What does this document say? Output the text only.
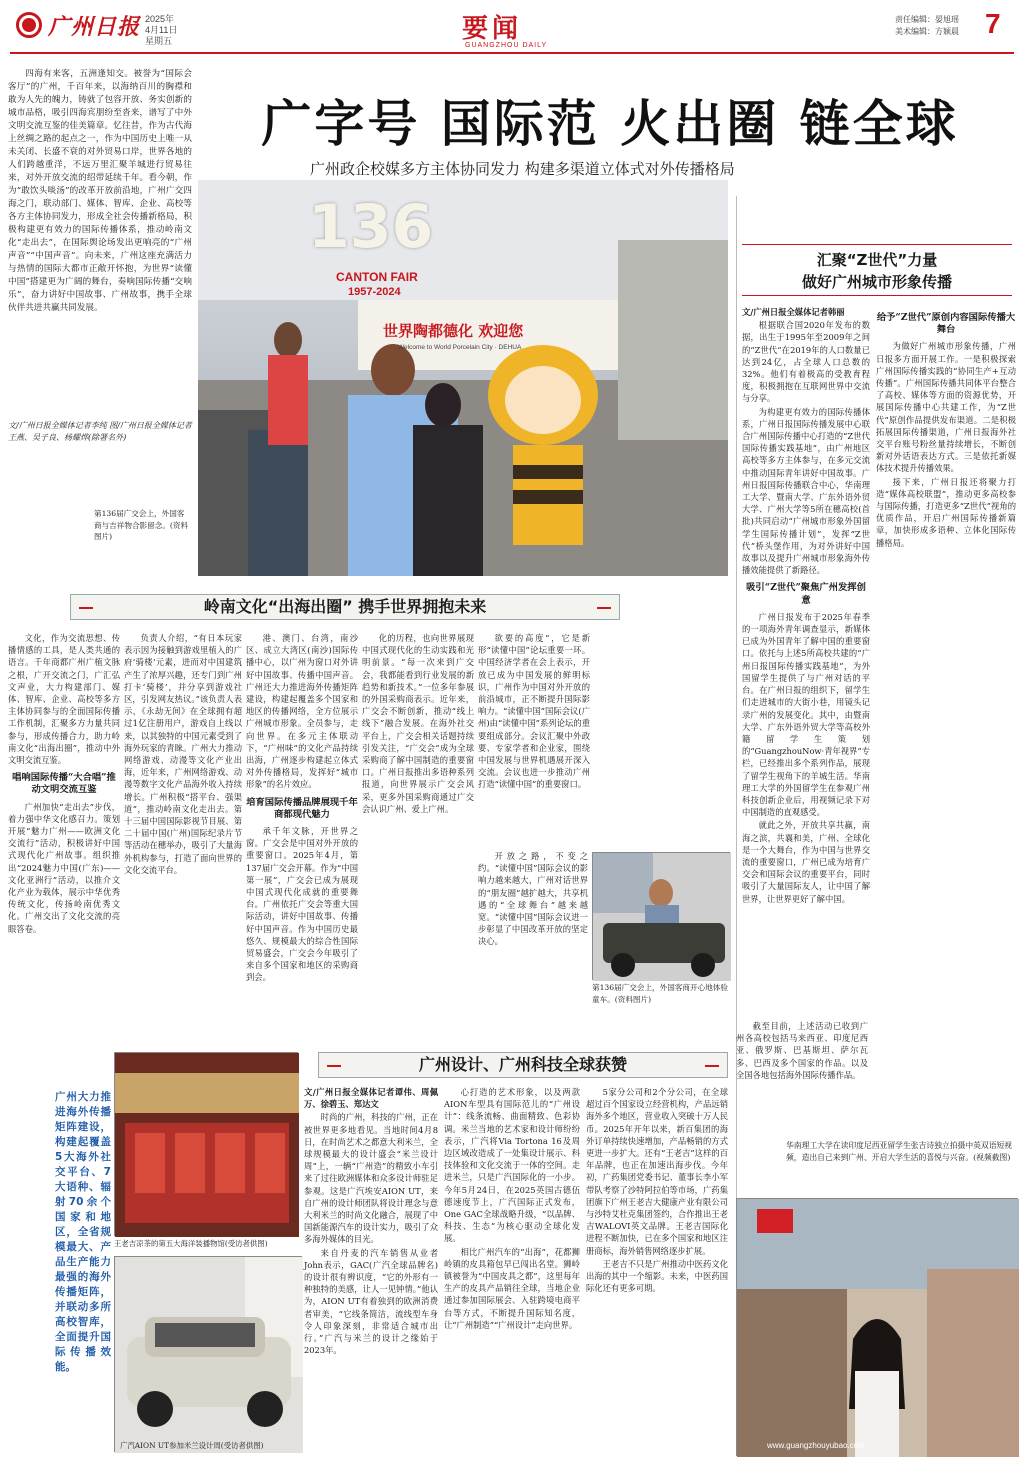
广州日报 2025年
4月11日
星期五	要闻
GUANGZHOU DAILY
责任编辑：晏旭瑶
美术编辑：方颖晨 7

四海有来客，五洲逢知交。被誉为“国际会客厅”的广州，千百年来，以海纳百川的胸襟和敢为人先的魄力，铸就了包容开放、务实创新的城市品格，吸引四海宾朋纷至沓来，谱写了中外文明交流互鉴的佳美篇章。忆往昔，作为古代海上丝绸之路的起点之一，作为中国历史上唯一从未关闭、长盛不衰的对外贸易口岸，世界各地的人们跨越重洋，不远万里汇聚羊城进行贸易往来，对外开放交流的绍带延续千年。看今朝，作为“敢饮头啖汤”的改革开放前沿地，广州广交四海之门，联动部门、媒体、智库、企业、高校等各方主体协同发力，形成全社会传播新格局，积极构建更有效力的国际传播体系，推动岭南文化“走出去”，在国际舆论场发出更响亮的“广州声音”“中国声音”。向未来，广州这座充满活力与热情的国际大都市正敞开怀抱，为世界“读懂中国”搭建更为广阔的舞台，奏响国际传播“交响乐”，奋力讲好中国故事、广州故事，携手全球伙伴共进共赢共同发展。

文/广州日报全媒体记者李纯 图/广州日报全媒体记者王燕、吴子良、杨耀烨(除署名外)
广字号 国际范 火出圈 链全球
广州政企校媒多方主体协同发力 构建多渠道立体式对外传播格局
136
CANTON FAIR
1957-2024
世界陶都德化 欢迎您
Welcome to World Porcelain City · DEHUA
第136届广交会上，外国客商与吉祥物合影留念。(资料图片)
汇聚“Z世代”力量
做好广州城市形象传播

文/广州日报全媒体记者韩丽

根据联合国2020年发布的数据，出生于1995年至2009年之间的“Z世代”在2019年的人口数量已达到24亿，占全球人口总数的32%。他们有着极高的受教育程度，积极拥抱在互联网世界中交流与分享。

为构建更有效力的国际传播体系，广州日报国际传播发展中心联合广州国际传播中心打造的“Z世代国际传播实践基地”，由广州地区高校等多方主体参与，在多元交流中推动国际青年讲好中国故事。广州日报国际传播联合中心，华南理工大学、暨南大学、广东外语外贸大学、广州大学等5所在穗高校(首批)共同启动“广州城市形象外国留学生国际传播计划”，发挥“Z世代”桥头堡作用，为对外讲好中国故事以及提升广州城市形象海外传播效能提供了新路径。

吸引“Z世代”聚焦广州发挥创意

广州日报发布于2025年春季的一项海外青年调查显示，新媒体已成为外国青年了解中国的重要窗口。依托与上述5所高校共建的“广州日报国际传播实践基地”，为外国留学生提供了与广州对话的平台。在广州日报的组织下，留学生们走进城市的大街小巷，用镜头记录广州的发展变化。其中，由暨南大学、广东外语外贸大学等高校外籍留学生策划的“GuangzhouNow·青年视界”专栏，已经推出多个系列作品，展现了留学生视角下的羊城生活。华南理工大学的外国留学生在参观广州科技创新企业后，用视频记录下对中国制造的直观感受。

就此之外，开放共享共赢，南海之滨，共襄和美，广州、全球化是一个大舞台，作为中国与世界交流的重要窗口，广州已成为培育广交会和国际会议的重要平台，同时吸引了大量国际友人，让中国了解世界，让世界更好了解中国。

给予“Z世代”原创内容国际传播大舞台

为做好广州城市形象传播，广州日报多方面开展工作。一是积极探索广州国际传播实践的“协同生产+互动传播”。广州国际传播共同体平台整合了高校、媒体等方面的资源优势，开展国际传播中心共建工作，为“Z世代”原创作品提供发布渠道。二是积极拓展国际传播渠道，广州日报海外社交平台账号粉丝量持续增长，不断创新对外话语表达方式。三是依托新媒体技术提升传播效果。

接下来，广州日报还将聚力打造“媒体高校联盟”，推动更多高校参与国际传播，打造更多“Z世代”视角的优质作品，开启广州国际传播新篇章，加快形成多语种、立体化国际传播格局。

截至目前，上述活动已收到广州各高校包括马来西亚、印度尼西亚、俄罗斯、巴基斯坦、萨尔瓦多、巴西及多个国家的作品。以及全国各地包括海外国际传播作品。

第136届广交会上，外国客商开心地体验童车。(资料图片)
岭南文化“出海出圈” 携手世界拥抱未来

文化，作为交流思想、传播情感的工具，是人类共通的语言。千年商都广州广植文脉之根，广开交流之门，广汇弘文声业，大力构建部门、媒体、智库、企业、高校等多方主体协同参与的全面国际传播工作机制，汇聚多方力量共同参与，形成传播合力，助力岭南文化“出海出圈”，推动中外文明交流互鉴。

唱响国际传播“大合唱”推动文明交流互鉴

广州加快“走出去”步伐，着力强中华文化感召力。策划开展“魅力广州——欧洲文化交流行”活动，积极讲好中国式现代化广州故事。组织推出“2024魅力中国(广东)——文化亚洲行”活动，以推介文化产业为载体，展示中华优秀传统文化，传扬岭南优秀文化。广州交出了文化交流的亮眼答卷。

负责人介绍，“有日本玩家表示因为接触到游戏里植入的广府‘骑楼’元素，进而对中国建筑产生了浓厚兴趣，还专门到广州打卡‘骑楼’，并分享到游戏社区，引发网友热议。”该负责人表示，《永劫无间》在全球拥有超过1亿注册用户，游戏自上线以来，以其独特的中国元素受到了海外玩家的青睐。广州大力推动网络游戏、动漫等文化产业出海，近年来，广州网络游戏、动漫等数字文化产品海外收入持续增长。广州积极“搭平台、强渠道”，推动岭南文化走出去。第十三届中国国际影视节目展、第二十届中国(广州)国际纪录片节等活动在穗举办，吸引了大量海外机构参与，打造了面向世界的文化交流平台。

港、澳门、台湾，南沙区、成立大湾区(南沙)国际传播中心，以广州为窗口对外讲好中国故事、传播中国声音。广州还大力推进海外传播矩阵建设，构建起覆盖多个国家和地区的传播网络，全方位展示广州城市形象。全员参与，走向世界。在多元主体联动下，“广州味”的文化产品持续出海，广州逐步构建起立体式对外传播格局，发挥好“城市形象”的名片效应。

培育国际传播品牌展现千年商都现代魅力

承千年文脉，开世界之窗。广交会是中国对外开放的重要窗口。2025年4月，第137届广交会开幕。作为“中国第一展”，广交会已成为展现中国式现代化成就的重要舞台。广州依托广交会等重大国际活动，讲好中国故事、传播好中国声音。作为中国历史最悠久、规模最大的综合性国际贸易盛会，广交会今年吸引了来自多个国家和地区的采购商到会。

化的历程，也向世界展现中国式现代化的生动实践和光明前景。“每一次来到广交会，我都能看到行业发展的新趋势和新技术。”一位多年参展的外国采购商表示。近年来，广交会不断创新，推动“线上线下”融合发展。在海外社交平台上，广交会相关话题持续引发关注，“广交会”成为全球采购商了解中国制造的重要窗口。广州日报推出多语种系列报道，向世界展示广交会风采，更多外国采购商通过广交会认识广州、爱上广州。

欲要的高度”，它是新形“读懂中国”论坛重要一环。中国经济学者在会上表示，开放已成为中国发展的鲜明标识，广州作为中国对外开放的前沿城市，正不断提升国际影响力。“读懂中国”国际会议(广州)由“读懂中国”系列论坛的重要组成部分。会议汇聚中外政要、专家学者和企业家，围绕中国发展与世界机遇展开深入交流。会议也进一步推动广州打造“读懂中国”的重要窗口。

开放之路，不变之约。“读懂中国”国际会议的影响力越来越大，广州对话世界的“朋友圈”越扩越大，共享机遇的“全球舞台”越来越宽。“读懂中国”国际会议进一步彰显了中国改革开放的坚定决心。

广州大力推进海外传播矩阵建设，构建起覆盖5大海外社交平台、7大语种、辐射70余个国家和地区，全省规模最大、产品生产能力最强的海外传播矩阵，并联动多所高校智库，全面提升国际传播效能。
王老吉凉茶的第五大海洋装播物馆(受访者供图)
广汽AION UT参加米兰设计周(受访者供图)
广州设计、广州科技全球获赞

文/广州日报全媒体记者谭伟、周佩万、徐碧玉、郑达文

时尚的广州，科技的广州，正在被世界更多地看见。当地时间4月8日，在时尚艺术之都意大利米兰，全球规模最大的设计盛会“米兰设计周”上，一辆“广州造”的精致小车引来了过往欧洲媒体和众多设计师驻足参观。这是广汽埃安AION UT，来自广州的设计师团队将设计理念与意大利米兰的时尚文化融合，展现了中国新能源汽车的设计实力，吸引了众多海外媒体的目光。

来自丹麦的汽车销售从业者John表示，GAC(广汽全球品牌名)的设计很有辨识度，“它的外形有一种独特的美感，让人一见钟情。”他认为，AION UT有着独到的欧洲消费者审美，“它线条简洁，流线型车身令人印象深刻，非常适合城市出行。”广汽与米兰的设计之缘始于2023年。

心打造的艺术形象，以及两款AION车型具有国际范儿的“广州设计”：线条流畅、曲面精致、色彩协调。米兰当地的艺术家和设计师纷纷表示，广汽将Via Tortona 16及周边区域改造成了一处集设计展示、科技体验和文化交流于一体的空间。走进米兰，只是广汽国际化的一小步。今年5月24日，在2025英国古德伍德速度节上，广汽国际正式发布，One GAC全球战略升级，“以品牌、科技、生态”为核心驱动全球化发展。

相比广州汽车的“出海”，花都狮岭镇的皮具箱包早已闯出名堂。狮岭镇被誉为“中国皮具之都”，这里每年生产的皮具产品销往全球，当地企业通过参加国际展会、入驻跨境电商平台等方式，不断提升国际知名度，让“广州制造”“广州设计”走向世界。

5家分公司和2个分公司，在全球超过百个国家设立经营机构，产品远销海外多个地区，营业收入突破十万人民币。2025年开年以来，新百集团的海外订单持续快速增加，产品畅销的方式更进一步扩大。还有“王老吉”这样的百年品牌，也正在加速出海步伐。今年初，广药集团党委书记、董事长李小军带队考察了沙特阿拉伯等市场，广药集团旗下广州王老吉大健康产业有限公司与沙特艾杜克集团签约，合作推出王老吉WALOVI英文品牌。王老吉国际化进程不断加快，已在多个国家和地区注册商标，海外销售网络逐步扩展。

王老吉不只是广州推动中医药文化出海的其中一个缩影。未来，中医药国际化还有更多可期。

华南理工大学在读印度尼西亚留学生张吉诗独立拍摄中英双语短视频，造出自己来到广州、开启大学生活的喜悦与兴奋。(视频截图)
www.guangzhouyubao.com
